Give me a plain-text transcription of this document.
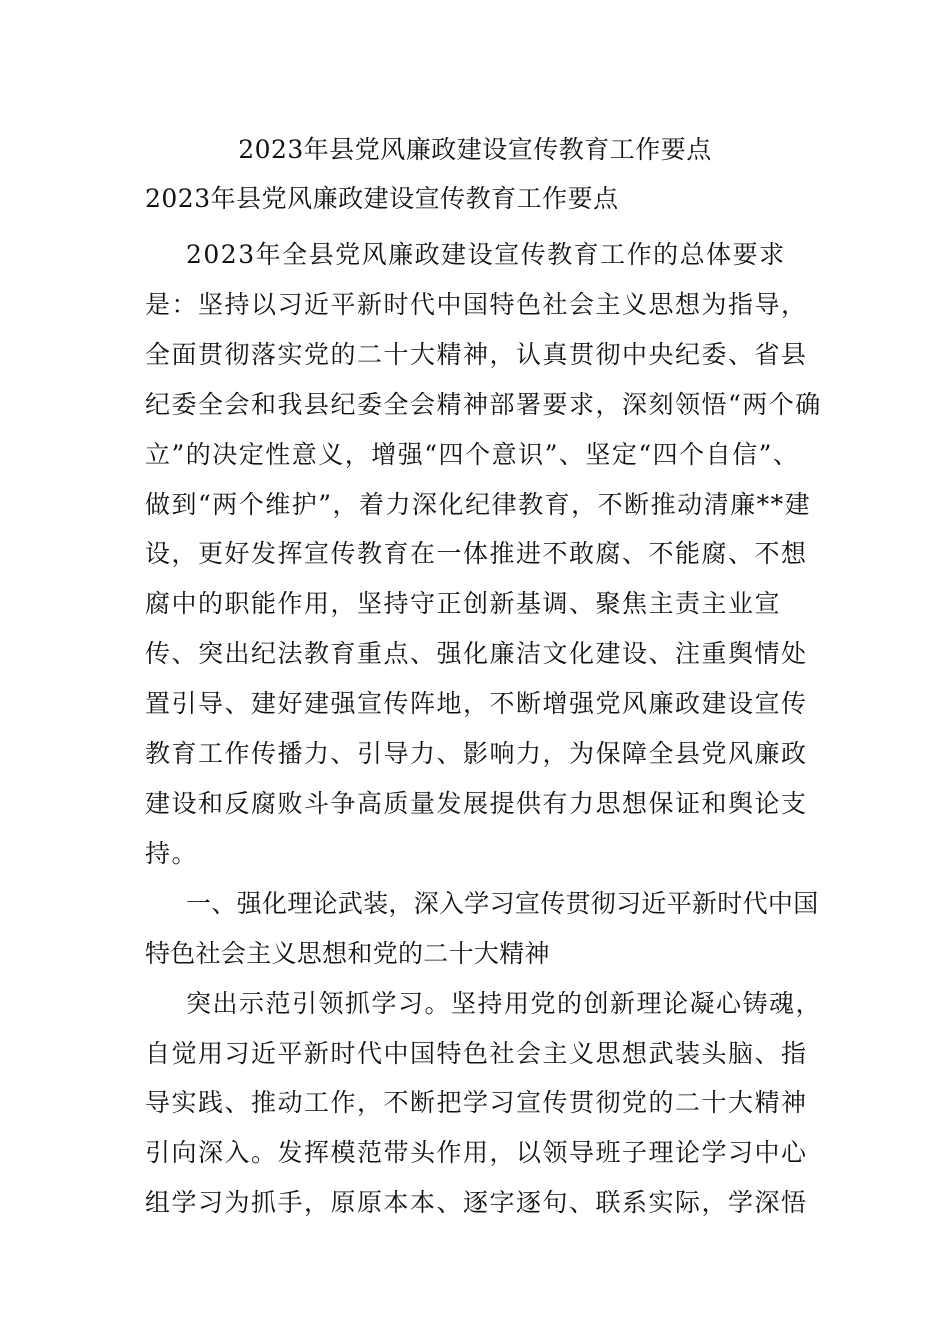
2023年县党风廉政建设宣传教育工作要点
2023年县党风廉政建设宣传教育工作要点

2023年全县党风廉政建设宣传教育工作的总体要求是：坚持以习近平新时代中国特色社会主义思想为指导，全面贯彻落实党的二十大精神，认真贯彻中央纪委、省县纪委全会和我县纪委全会精神部署要求，深刻领悟“两个确立”的决定性意义，增强“四个意识”、坚定“四个自信”、做到“两个维护”，着力深化纪律教育，不断推动清廉**建设，更好发挥宣传教育在一体推进不敢腐、不能腐、不想腐中的职能作用，坚持守正创新基调、聚焦主责主业宣传、突出纪法教育重点、强化廉洁文化建设、注重舆情处置引导、建好建强宣传阵地，不断增强党风廉政建设宣传教育工作传播力、引导力、影响力，为保障全县党风廉政建设和反腐败斗争高质量发展提供有力思想保证和舆论支持。

一、强化理论武装，深入学习宣传贯彻习近平新时代中国特色社会主义思想和党的二十大精神

突出示范引领抓学习。坚持用党的创新理论凝心铸魂，自觉用习近平新时代中国特色社会主义思想武装头脑、指导实践、推动工作，不断把学习宣传贯彻党的二十大精神引向深入。发挥模范带头作用，以领导班子理论学习中心组学习为抓手，原原本本、逐字逐句、联系实际，学深悟
